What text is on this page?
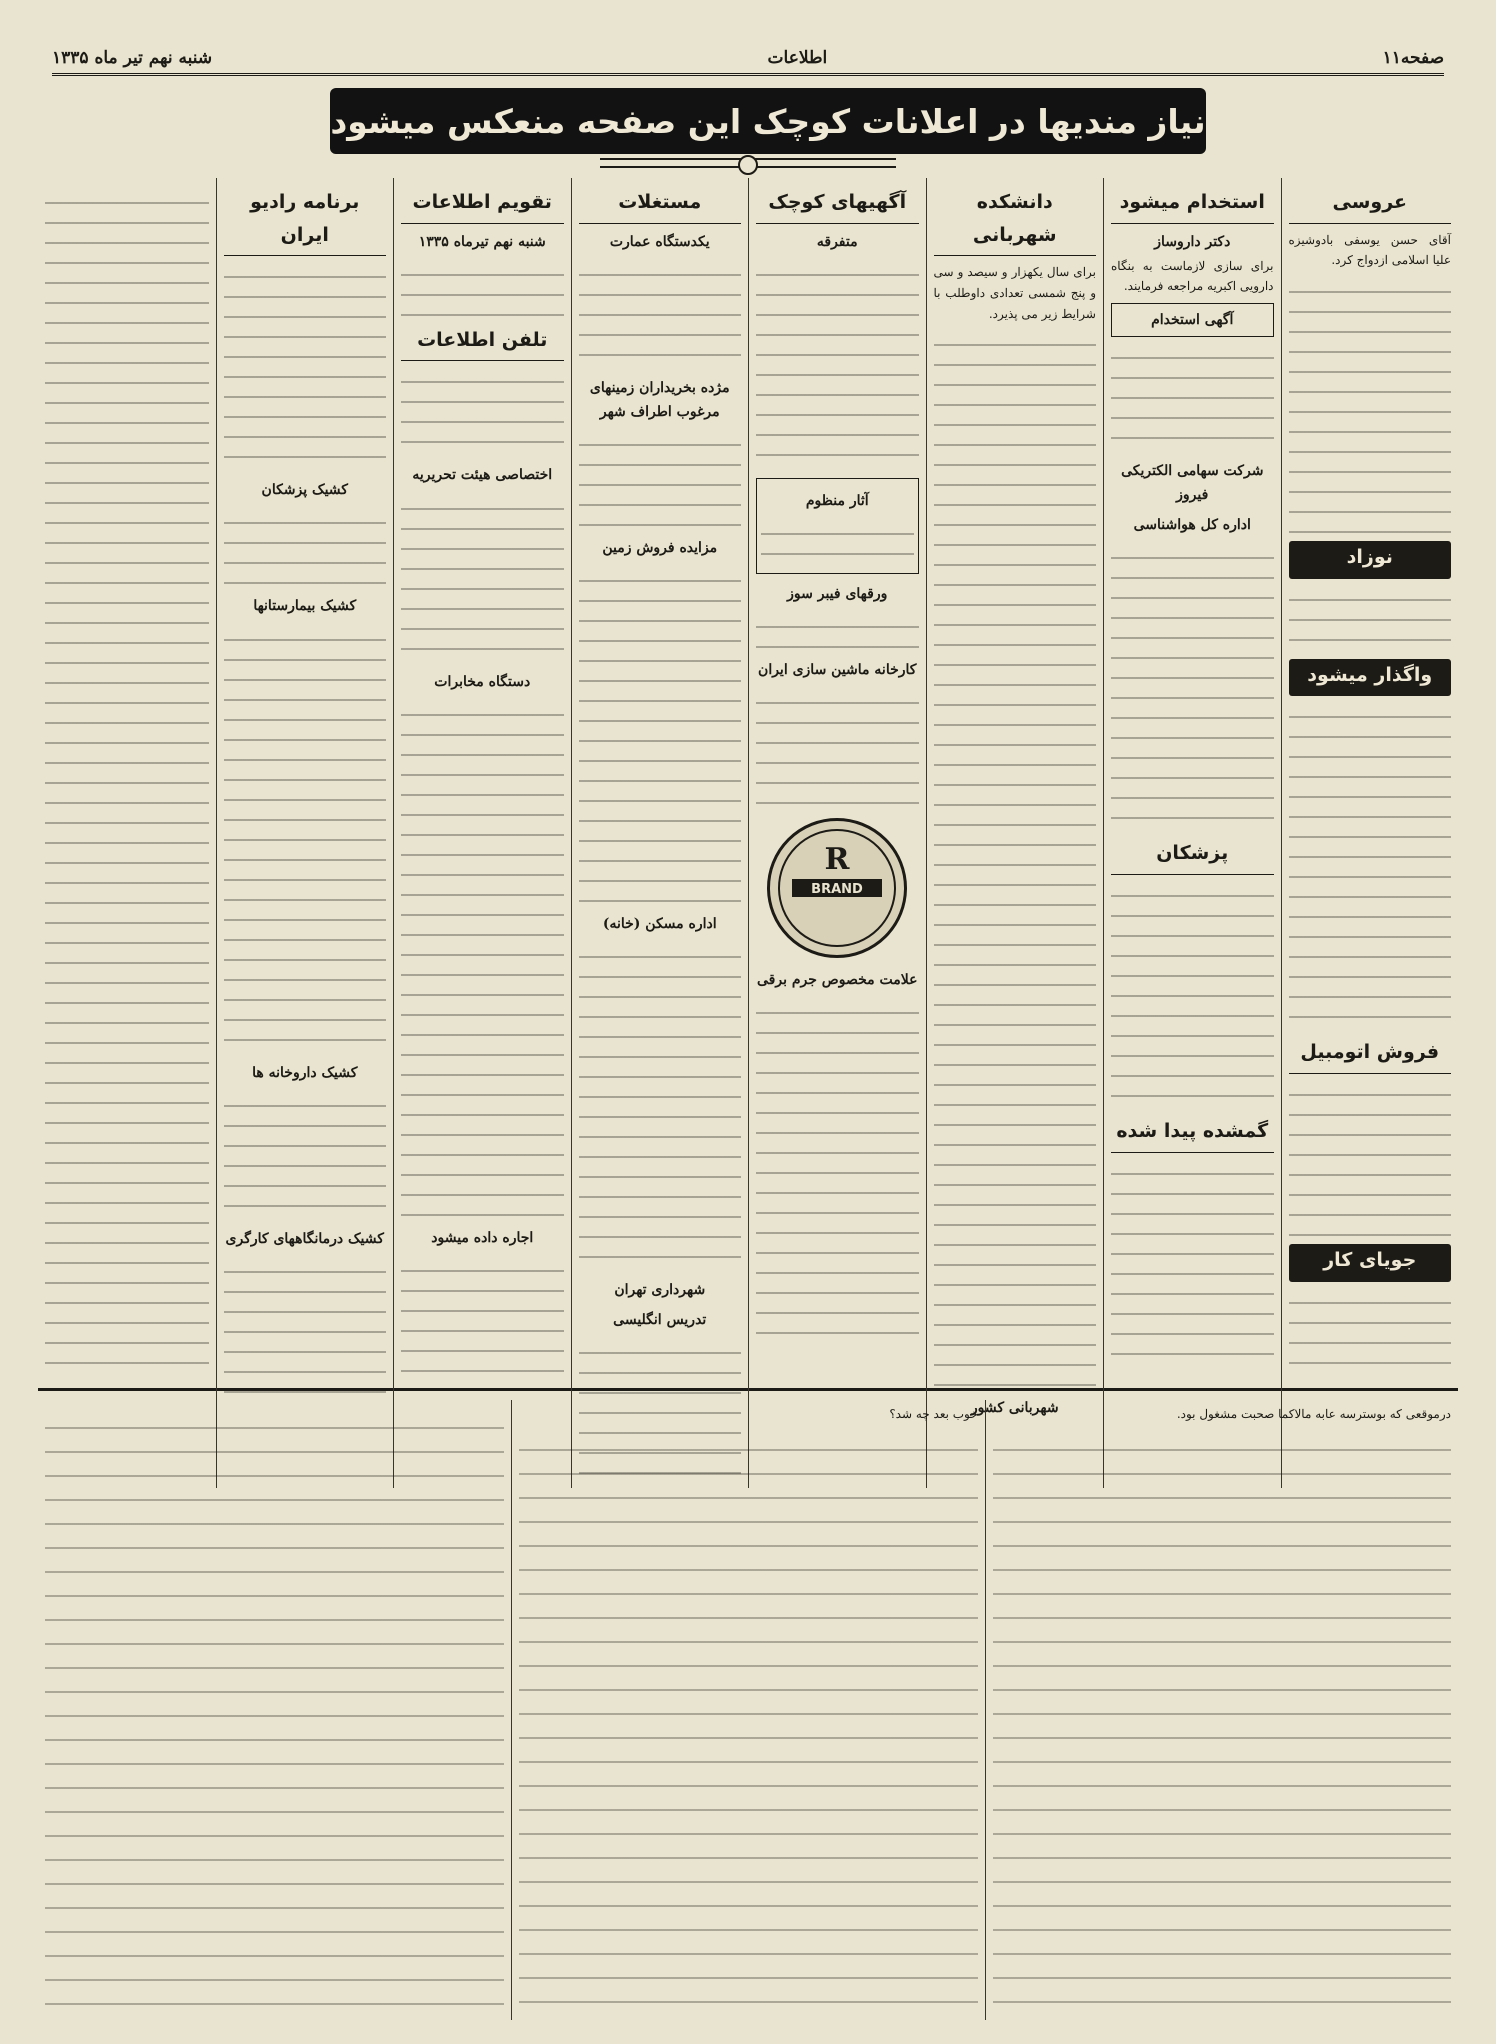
صفحه۱۱
اطلاعات
شنبه نهم تیر ماه ۱۳۳۵
نیاز مندیها در اعلانات کوچک این صفحه منعکس میشود
عروسی

آقای حسن یوسفی بادوشیزه علیا اسلامی ازدواج کرد.

نوزاد
واگذار میشود
فروش اتومبیل
جویای کار
استخدام میشود
دکتر داروساز

برای سازی لازماست به بنگاه دارویی اکبریه مراجعه فرمایند.

آگهی استخدام
شرکت سهامی الکتریکی فیروز
اداره کل هواشناسی
پزشکان
گمشده پیدا شده
دانشکده شهربانی

برای سال یکهزار و سیصد و سی و پنج شمسی تعدادی داوطلب با شرایط زیر می پذیرد.

شهربانی کشور
آگهیهای کوچک
متفرقه
آثار منظوم
ورقهای فیبر سوز
کارخانه ماشین سازی ایران
BRAND
R
علامت مخصوص جرم برقی
مستغلات
یکدستگاه عمارت
مژده بخریداران زمینهای مرغوب اطراف شهر
مزایده فروش زمین
اداره مسکن (خانه)
شهرداری تهران
تدریس انگلیسی
تقویم اطلاعات
شنبه نهم تیرماه ۱۳۳۵
تلفن اطلاعات
اختصاصی هیئت تحریریه
دستگاه مخابرات
اجاره داده میشود
برنامه رادیو ایران
کشیک پزشکان
کشیک بیمارستانها
کشیک داروخانه ها
کشیک درمانگاههای کارگری

درموقعی که بوسترسه عابه مالاکما صحبت مشغول بود.

خوب بعد چه شد؟
